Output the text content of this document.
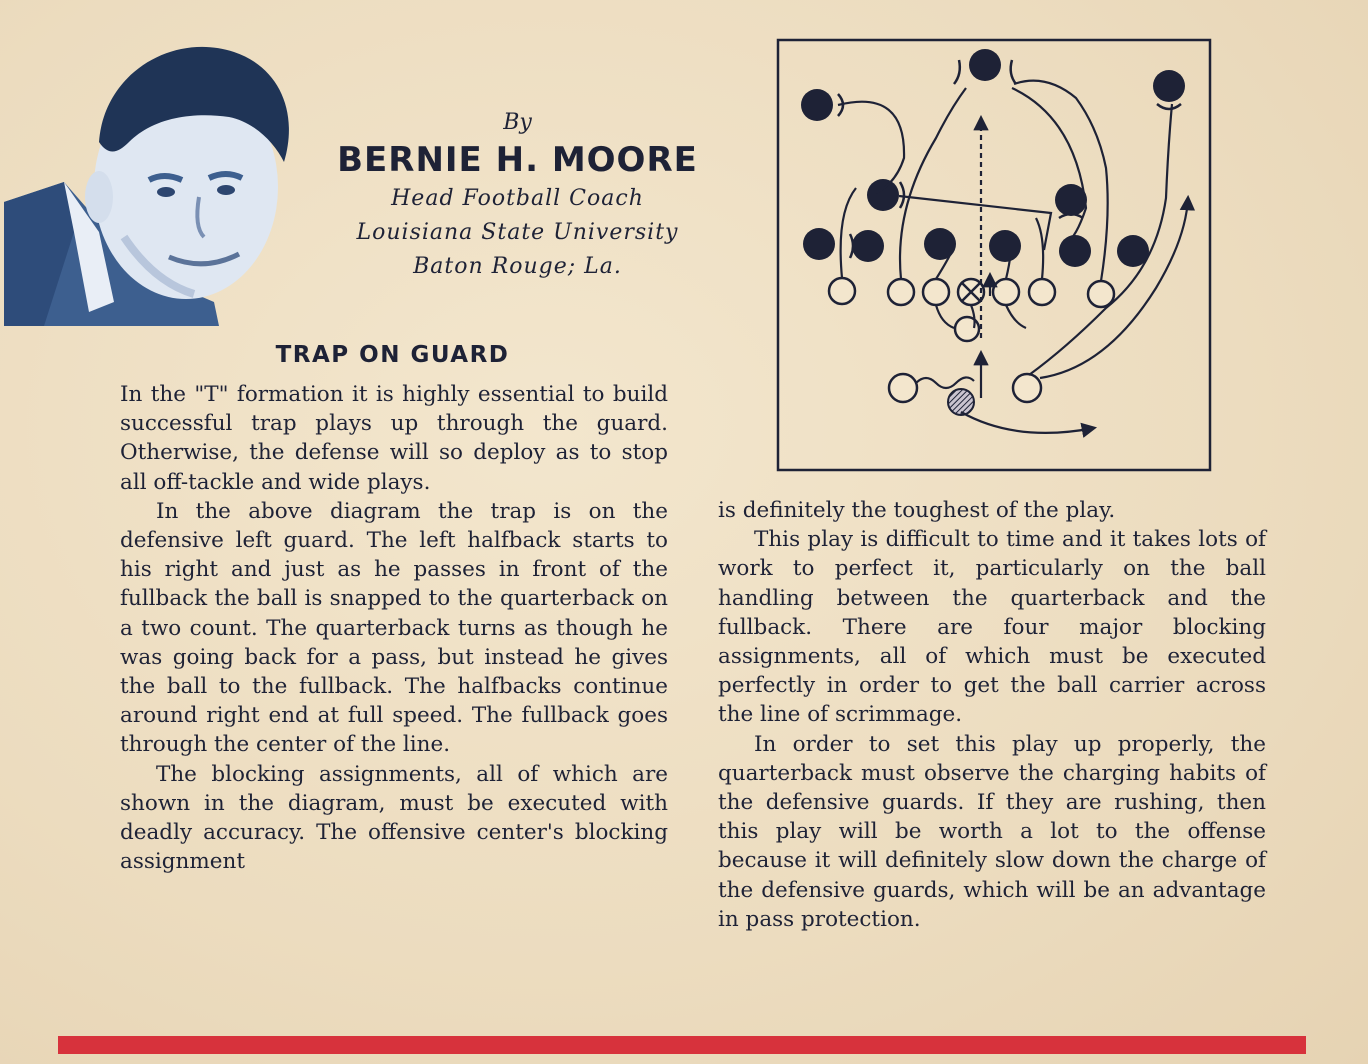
By
BERNIE H. MOORE
Head Football Coach
Louisiana State University
Baton Rouge; La.
TRAP ON GUARD

In the "T" formation it is highly essential to build successful trap plays up through the guard. Otherwise, the defense will so deploy as to stop all off-tackle and wide plays.

In the above diagram the trap is on the defensive left guard. The left halfback starts to his right and just as he passes in front of the fullback the ball is snapped to the quarterback on a two count. The quarterback turns as though he was going back for a pass, but instead he gives the ball to the fullback. The halfbacks continue around right end at full speed. The fullback goes through the center of the line.

The blocking assignments, all of which are shown in the diagram, must be executed with deadly accuracy. The offensive center's blocking assignment

is definitely the toughest of the play.

This play is difficult to time and it takes lots of work to perfect it, particularly on the ball handling between the quarterback and the fullback. There are four major blocking assignments, all of which must be executed perfectly in order to get the ball carrier across the line of scrimmage.

In order to set this play up properly, the quarterback must observe the charging habits of the defensive guards. If they are rushing, then this play will be worth a lot to the offense because it will definitely slow down the charge of the defensive guards, which will be an advantage in pass protection.
